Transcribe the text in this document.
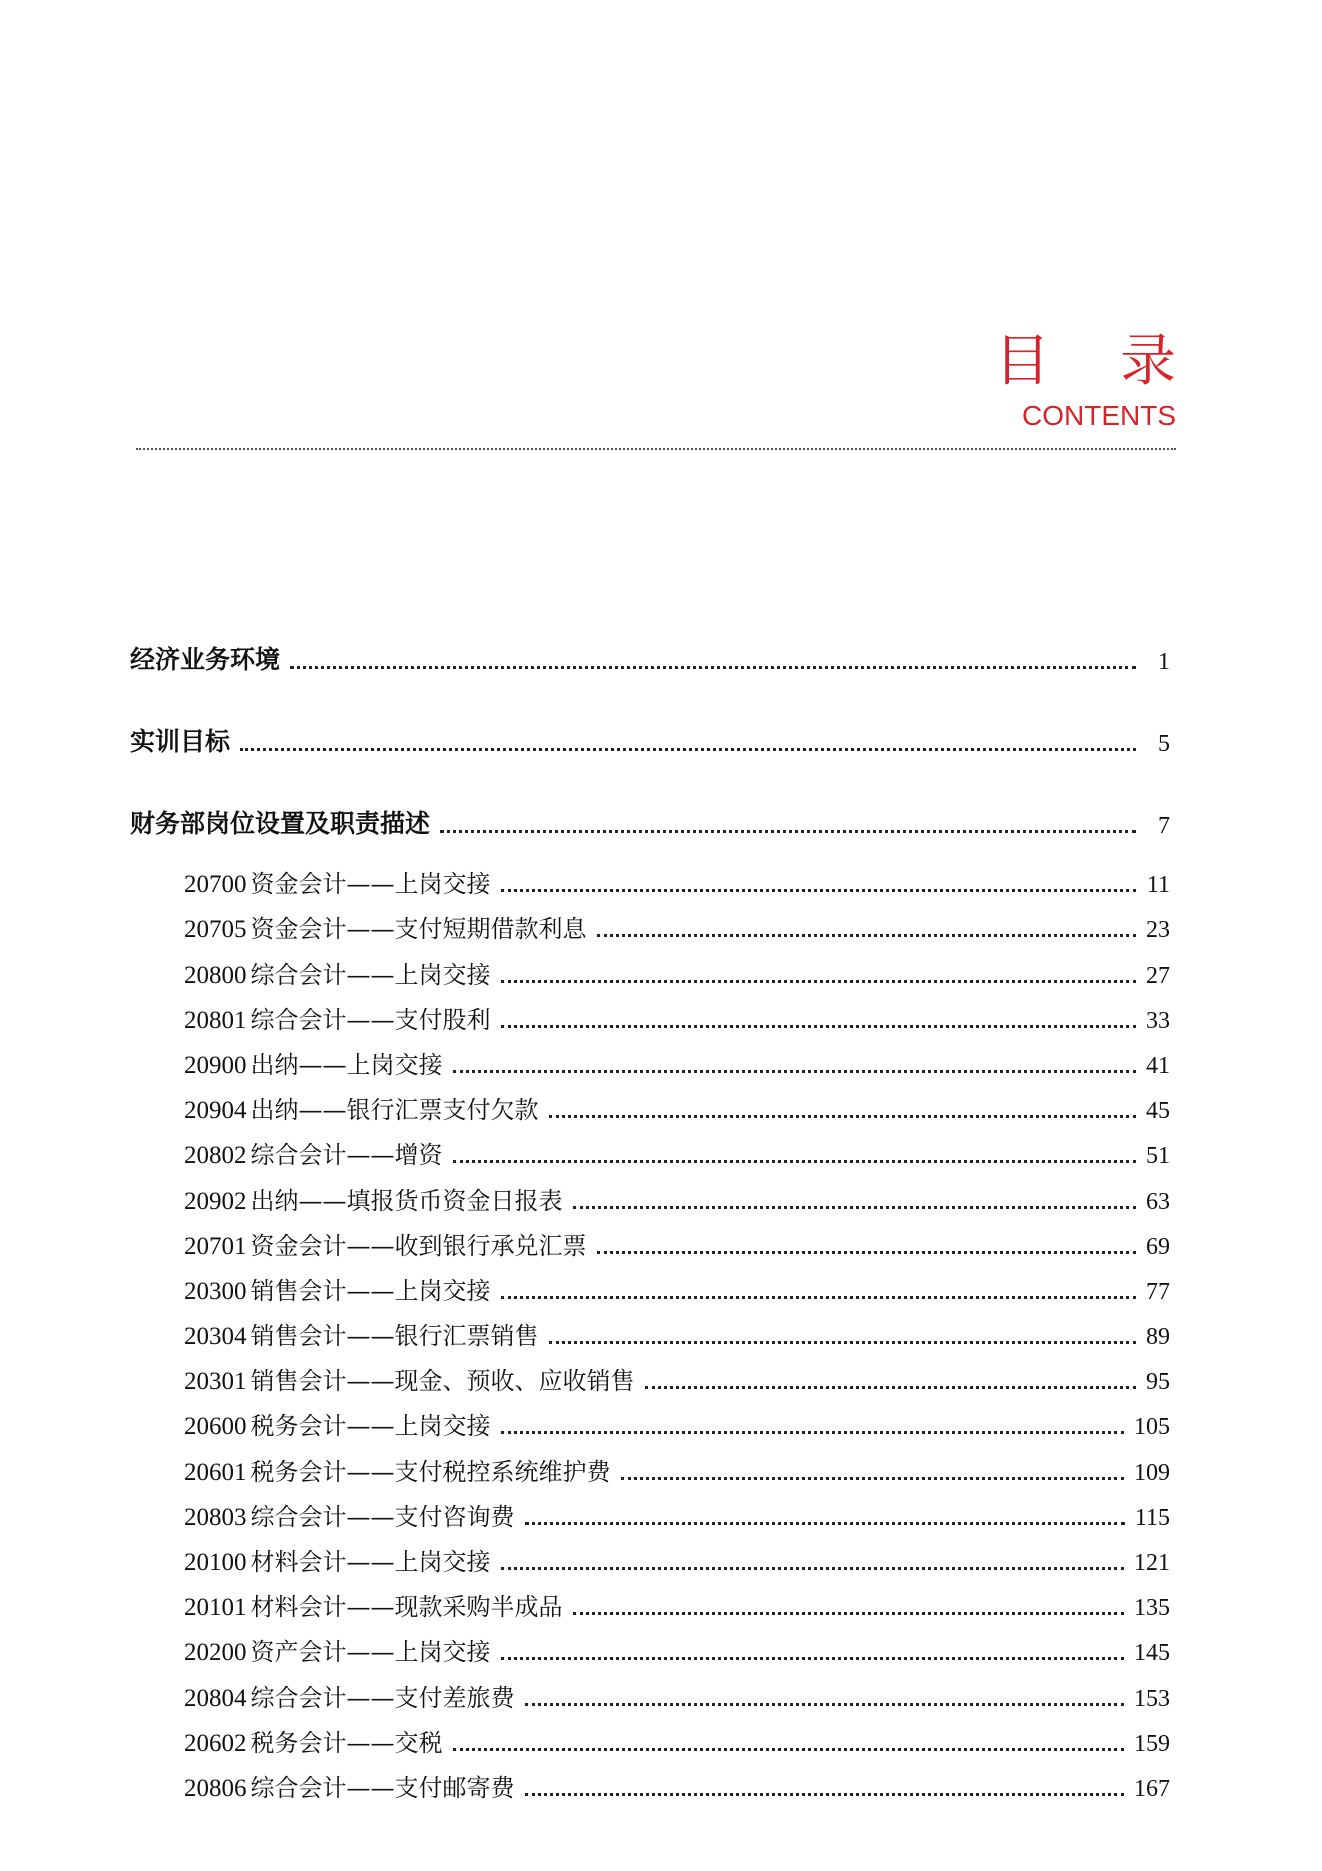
目 录
CONTENTS
经济业务环境	1
实训目标	5
财务部岗位设置及职责描述	7
20700 资金会计——上岗交接	11
20705 资金会计——支付短期借款利息	23
20800 综合会计——上岗交接	27
20801 综合会计——支付股利	33
20900 出纳——上岗交接	41
20904 出纳——银行汇票支付欠款	45
20802 综合会计——增资	51
20902 出纳——填报货币资金日报表	63
20701 资金会计——收到银行承兑汇票	69
20300 销售会计——上岗交接	77
20304 销售会计——银行汇票销售	89
20301 销售会计——现金、预收、应收销售	95
20600 税务会计——上岗交接	105
20601 税务会计——支付税控系统维护费	109
20803 综合会计——支付咨询费	115
20100 材料会计——上岗交接	121
20101 材料会计——现款采购半成品	135
20200 资产会计——上岗交接	145
20804 综合会计——支付差旅费	153
20602 税务会计——交税	159
20806 综合会计——支付邮寄费	167
